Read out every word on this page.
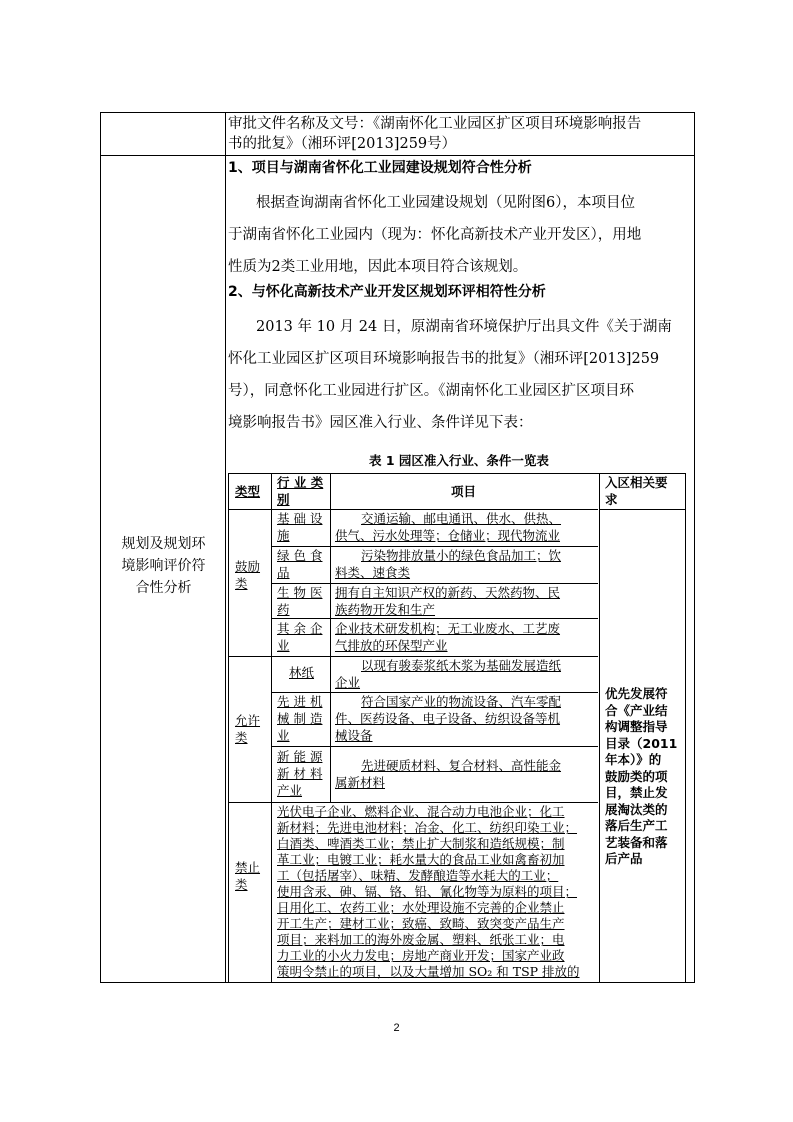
审批文件名称及文号：《湖南怀化工业园区扩区项目环境影响报告
书的批复》（湘环评[2013]259号）
规划及规划环
境影响评价符
合性分析
1、项目与湖南省怀化工业园建设规划符合性分析
根据查询湖南省怀化工业园建设规划（见附图6），本项目位
于湖南省怀化工业园内（现为：怀化高新技术产业开发区），用地
性质为2类工业用地，因此本项目符合该规划。
2、与怀化高新技术产业开发区规划环评相符性分析
2013 年 10 月 24 日，原湖南省环境保护厅出具文件《关于湖南
怀化工业园区扩区项目环境影响报告书的批复》（湘环评[2013]259
号），同意怀化工业园进行扩区。《湖南怀化工业园区扩区项目环
境影响报告书》园区准入行业、条件详见下表：
表 1 园区准入行业、条件一览表
类型
行 业 类
别
项目
入区相关要
求
鼓励
类
基 础 设
施
交通运输、邮电通讯、供水、供热、
供气、污水处理等；仓储业；现代物流业
绿 色 食
品
污染物排放量小的绿色食品加工；饮
料类、速食类
生 物 医
药
拥有自主知识产权的新药、天然药物、民
族药物开发和生产
其 余 企
业
企业技术研发机构；无工业废水、工艺废
气排放的环保型产业
允许
类
林纸	以现有骏泰浆纸木浆为基础发展造纸
企业
先 进 机
械 制 造
业
符合国家产业的物流设备、汽车零配
件、医药设备、电子设备、纺织设备等机
械设备
新 能 源
新 材 料
产业
先进硬质材料、复合材料、高性能金
属新材料
禁止
类
光伏电子企业、燃料企业、混合动力电池企业；化工
新材料；先进电池材料；冶金、化工、纺织印染工业；
白酒类、啤酒类工业；禁止扩大制浆和造纸规模；制
革工业；电镀工业；耗水量大的食品工业如禽畜初加
工（包括屠宰）、味精、发酵酿造等水耗大的工业；
使用含汞、砷、镉、铬、铅、氰化物等为原料的项目；
日用化工、农药工业；水处理设施不完善的企业禁止
开工生产；建材工业；致癌、致畸、致突变产品生产
项目；来料加工的海外废金属、塑料、纸张工业；电
力工业的小火力发电；房地产商业开发；国家产业政
策明令禁止的项目，以及大量增加 SO₂ 和 TSP 排放的
优先发展符
合《产业结
构调整指导
目录（2011
年本）》的
鼓励类的项
目，禁止发
展淘汰类的
落后生产工
艺装备和落
后产品
2
